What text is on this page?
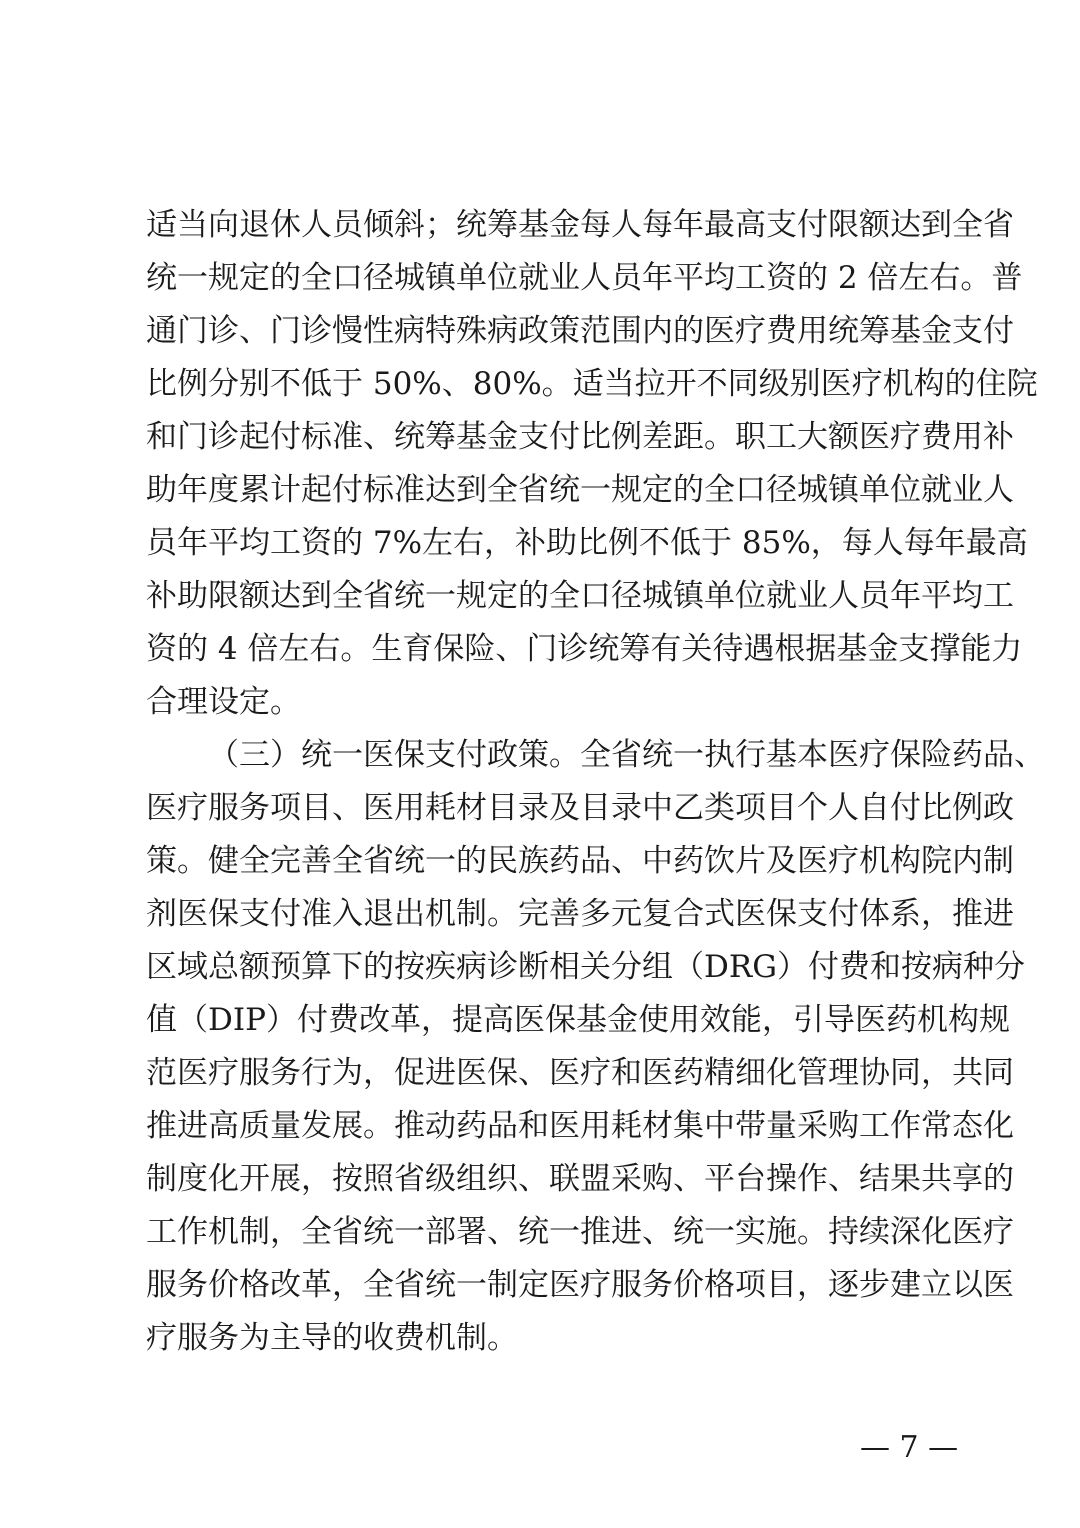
适当向退休人员倾斜；统筹基金每人每年最高支付限额达到全省
统一规定的全口径城镇单位就业人员年平均工资的 2 倍左右。普
通门诊、门诊慢性病特殊病政策范围内的医疗费用统筹基金支付
比例分别不低于 50%、80%。适当拉开不同级别医疗机构的住院
和门诊起付标准、统筹基金支付比例差距。职工大额医疗费用补
助年度累计起付标准达到全省统一规定的全口径城镇单位就业人
员年平均工资的 7%左右，补助比例不低于 85%，每人每年最高
补助限额达到全省统一规定的全口径城镇单位就业人员年平均工
资的 4 倍左右。生育保险、门诊统筹有关待遇根据基金支撑能力
合理设定。
（三）统一医保支付政策。全省统一执行基本医疗保险药品、
医疗服务项目、医用耗材目录及目录中乙类项目个人自付比例政
策。健全完善全省统一的民族药品、中药饮片及医疗机构院内制
剂医保支付准入退出机制。完善多元复合式医保支付体系，推进
区域总额预算下的按疾病诊断相关分组（DRG）付费和按病种分
值（DIP）付费改革，提高医保基金使用效能，引导医药机构规
范医疗服务行为，促进医保、医疗和医药精细化管理协同，共同
推进高质量发展。推动药品和医用耗材集中带量采购工作常态化
制度化开展，按照省级组织、联盟采购、平台操作、结果共享的
工作机制，全省统一部署、统一推进、统一实施。持续深化医疗
服务价格改革，全省统一制定医疗服务价格项目，逐步建立以医
疗服务为主导的收费机制。
— 7 —
